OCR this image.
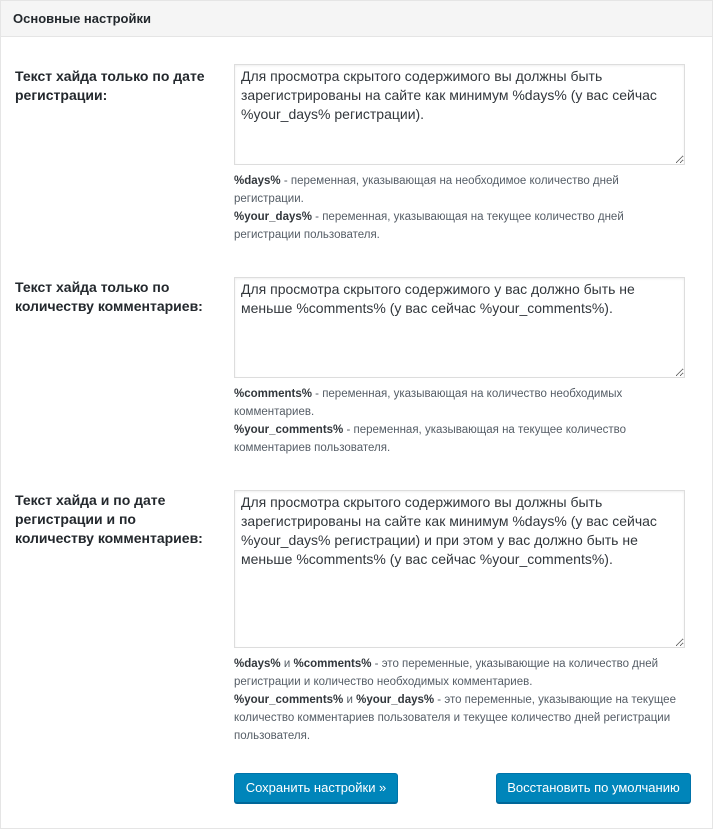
Основные настройки
Текст хайда только по дате регистрации:
Для просмотра скрытого содержимого вы должны быть зарегистрированы на сайте как минимум %days% (у вас сейчас %your_days% регистрации).
%days% - переменная, указывающая на необходимое количество дней регистрации.
%your_days% - переменная, указывающая на текущее количество дней регистрации пользователя.
Текст хайда только по количеству комментариев:
Для просмотра скрытого содержимого у вас должно быть не меньше %comments% (у вас сейчас %your_comments%).
%comments% - переменная, указывающая на количество необходимых комментариев.
%your_comments% - переменная, указывающая на текущее количество комментариев пользователя.
Текст хайда и по дате регистрации и по количеству комментариев:
Для просмотра скрытого содержимого вы должны быть зарегистрированы на сайте как минимум %days% (у вас сейчас %your_days% регистрации) и при этом у вас должно быть не меньше %comments% (у вас сейчас %your_comments%).
%days% и %comments% - это переменные, указывающие на количество дней регистрации и количество необходимых комментариев.
%your_comments% и %your_days% - это переменные, указывающие на текущее количество комментариев пользователя и текущее количество дней регистрации пользователя.
Сохранить настройки »	Восстановить по умолчанию
